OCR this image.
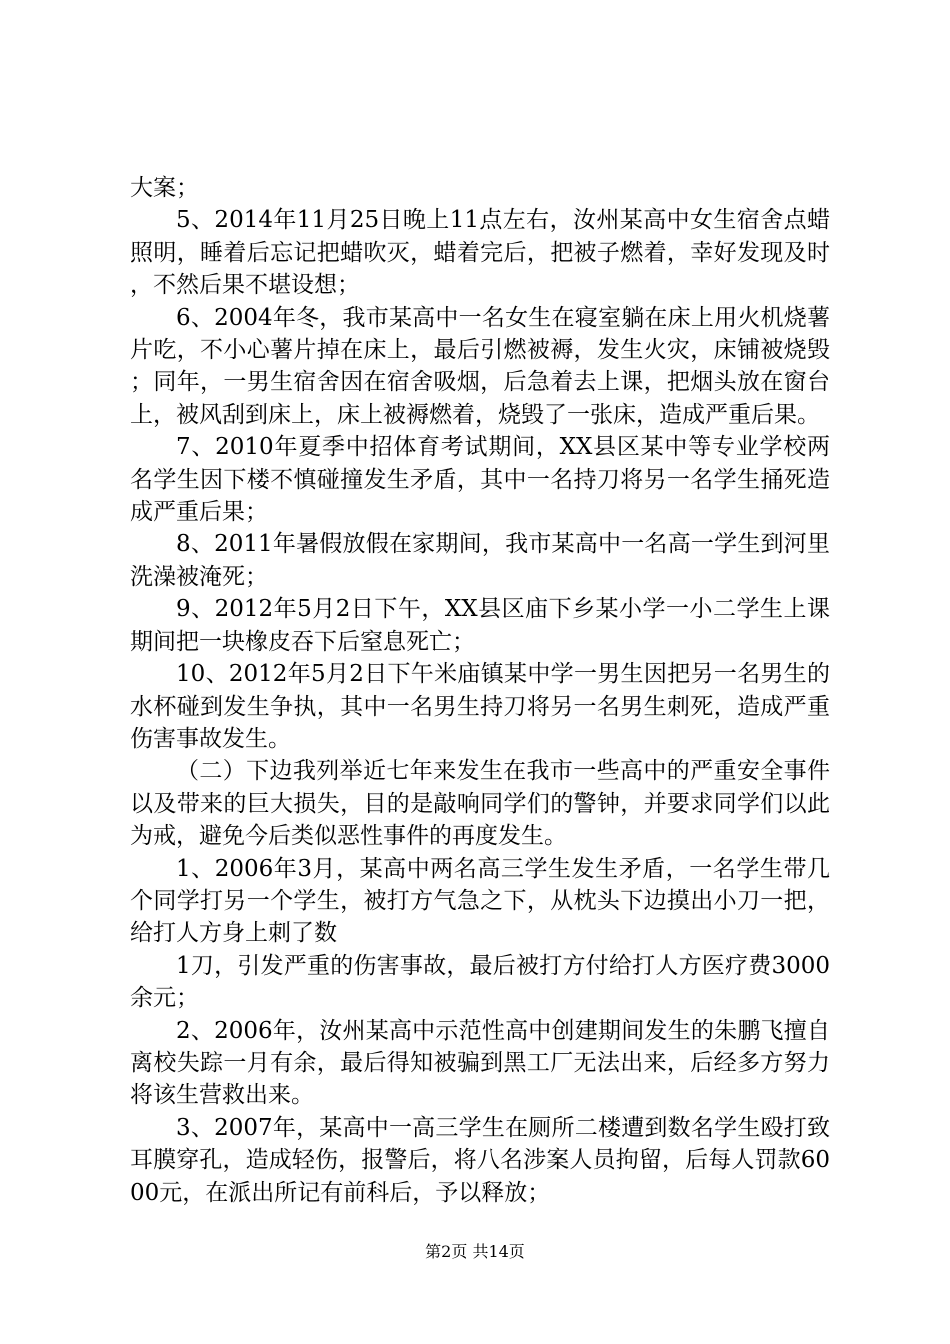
大案；

5、2014年11月25日晚上11点左右，汝州某高中女生宿舍点蜡照明，睡着后忘记把蜡吹灭，蜡着完后，把被子燃着，幸好发现及时，不然后果不堪设想；

6、2004年冬，我市某高中一名女生在寝室躺在床上用火机烧薯片吃，不小心薯片掉在床上，最后引燃被褥，发生火灾，床铺被烧毁；同年，一男生宿舍因在宿舍吸烟，后急着去上课，把烟头放在窗台上，被风刮到床上，床上被褥燃着，烧毁了一张床，造成严重后果。

7、2010年夏季中招体育考试期间，XX县区某中等专业学校两名学生因下楼不慎碰撞发生矛盾，其中一名持刀将另一名学生捅死造成严重后果；

8、2011年暑假放假在家期间，我市某高中一名高一学生到河里洗澡被淹死；

9、2012年5月2日下午，XX县区庙下乡某小学一小二学生上课期间把一块橡皮吞下后窒息死亡；

10、2012年5月2日下午米庙镇某中学一男生因把另一名男生的水杯碰到发生争执，其中一名男生持刀将另一名男生刺死，造成严重伤害事故发生。

（二）下边我列举近七年来发生在我市一些高中的严重安全事件以及带来的巨大损失，目的是敲响同学们的警钟，并要求同学们以此为戒，避免今后类似恶性事件的再度发生。

1、2006年3月，某高中两名高三学生发生矛盾，一名学生带几个同学打另一个学生，被打方气急之下，从枕头下边摸出小刀一把，给打人方身上刺了数

1刀，引发严重的伤害事故，最后被打方付给打人方医疗费3000余元；

2、2006年，汝州某高中示范性高中创建期间发生的朱鹏飞擅自离校失踪一月有余，最后得知被骗到黑工厂无法出来，后经多方努力将该生营救出来。

3、2007年，某高中一高三学生在厕所二楼遭到数名学生殴打致耳膜穿孔，造成轻伤，报警后，将八名涉案人员拘留，后每人罚款6000元，在派出所记有前科后，予以释放；

第2页 共14页
